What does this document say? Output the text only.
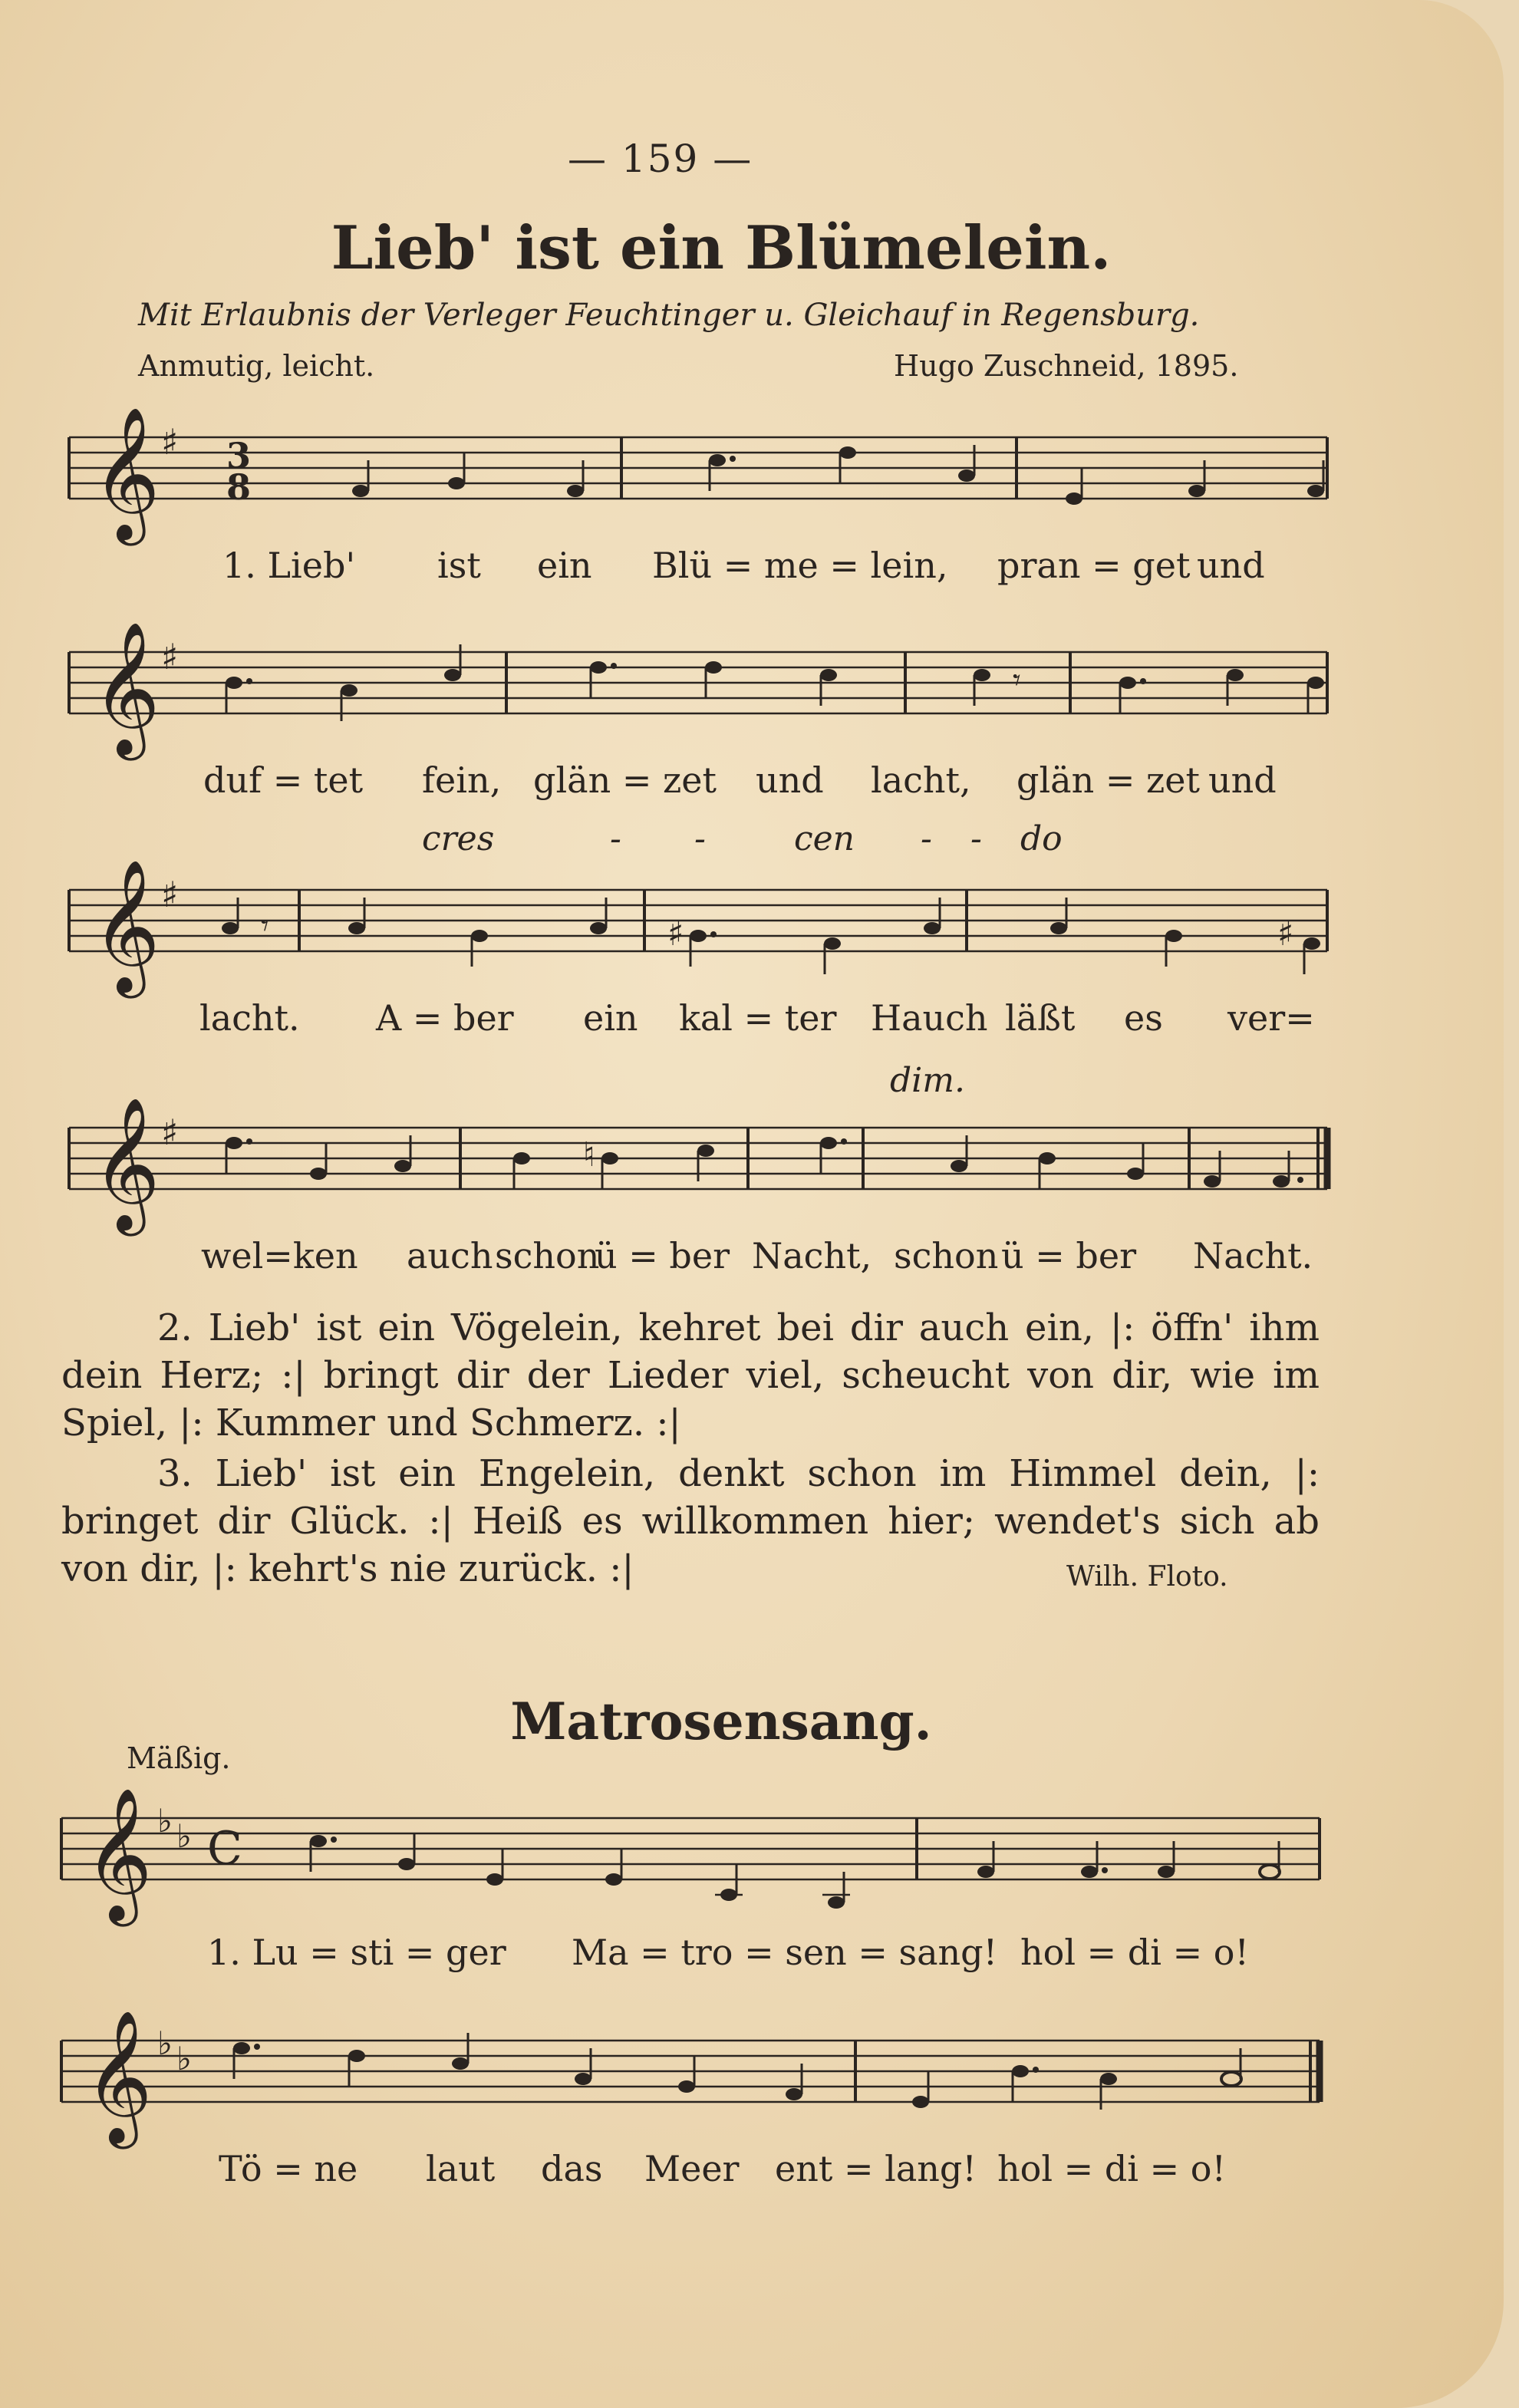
— 159 —
Lieb' ist ein Blümelein.
Mit Erlaubnis der Verleger Feuchtinger u. Gleichauf in Regensburg.
Anmutig, leicht.	Hugo Zuschneid, 1895.
𝄞 ♯ 3
8
1. Lieb' ist ein Blü = me = lein, pran = get und
𝄞 ♯
𝄾
duf = tet fein, glän = zet und lacht, glän = zet und
cres	- -	cen - - do
𝄞 ♯
𝄾	♯	♯
lacht. A = ber ein kal = ter Hauch läßt es ver=
dim.
𝄞 ♯
♮
wel=ken auch schon
ü = ber Nacht, schon ü = ber Nacht.
2. Lieb' ist ein Vögelein, kehret bei dir auch ein, |: öffn' ihm dein Herz; :| bringt dir der Lieder viel, scheucht von dir, wie im Spiel, |: Kummer und Schmerz. :|
3. Lieb' ist ein Engelein, denkt schon im Himmel dein, |: bringet dir Glück. :| Heiß es willkommen hier; wendet's sich ab von dir, |: kehrt's nie zurück. :|	Wilh. Floto.
Matrosensang.
Mäßig.
𝄞 ♭ ♭ C
1. Lu = sti = ger Ma = tro = sen = sang! hol = di = o!
𝄞 ♭ ♭
Tö = ne laut das Meer ent = lang! hol = di = o!
